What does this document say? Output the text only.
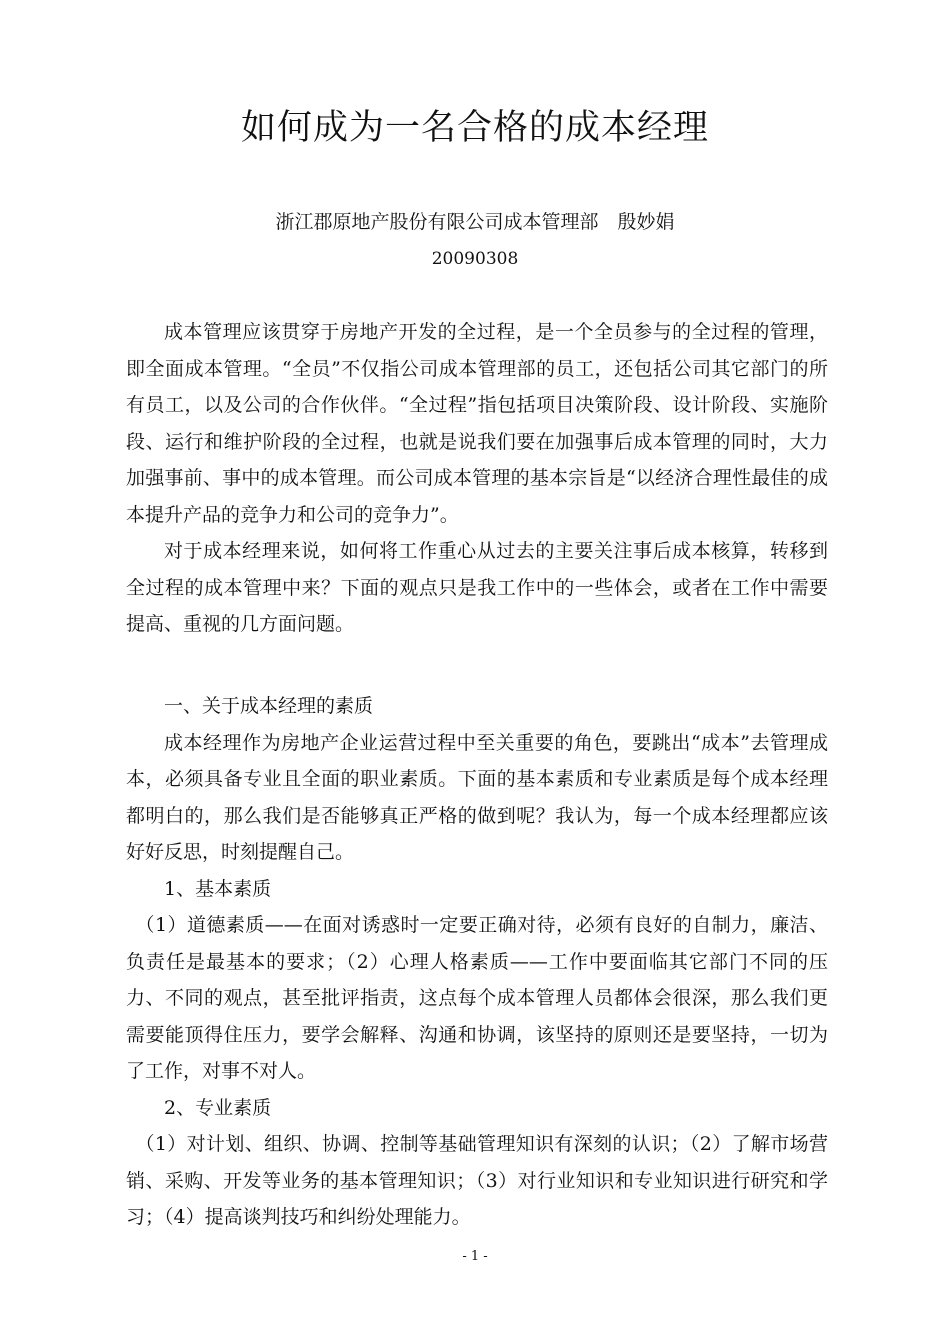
如何成为一名合格的成本经理
浙江郡原地产股份有限公司成本管理部　殷妙娟
20090308

成本管理应该贯穿于房地产开发的全过程，是一个全员参与的全过程的管理，即全面成本管理。“全员”不仅指公司成本管理部的员工，还包括公司其它部门的所有员工，以及公司的合作伙伴。“全过程”指包括项目决策阶段、设计阶段、实施阶段、运行和维护阶段的全过程，也就是说我们要在加强事后成本管理的同时，大力加强事前、事中的成本管理。而公司成本管理的基本宗旨是“以经济合理性最佳的成本提升产品的竞争力和公司的竞争力”。

对于成本经理来说，如何将工作重心从过去的主要关注事后成本核算，转移到全过程的成本管理中来？下面的观点只是我工作中的一些体会，或者在工作中需要提高、重视的几方面问题。

一、关于成本经理的素质

成本经理作为房地产企业运营过程中至关重要的角色，要跳出“成本”去管理成本，必须具备专业且全面的职业素质。下面的基本素质和专业素质是每个成本经理都明白的，那么我们是否能够真正严格的做到呢？我认为，每一个成本经理都应该好好反思，时刻提醒自己。

1、基本素质

（1）道德素质——在面对诱惑时一定要正确对待，必须有良好的自制力，廉洁、负责任是最基本的要求；（2）心理人格素质——工作中要面临其它部门不同的压力、不同的观点，甚至批评指责，这点每个成本管理人员都体会很深，那么我们更需要能顶得住压力，要学会解释、沟通和协调，该坚持的原则还是要坚持，一切为了工作，对事不对人。

2、专业素质

（1）对计划、组织、协调、控制等基础管理知识有深刻的认识；（2）了解市场营销、采购、开发等业务的基本管理知识；（3）对行业知识和专业知识进行研究和学习；（4）提高谈判技巧和纠纷处理能力。

- 1 -
